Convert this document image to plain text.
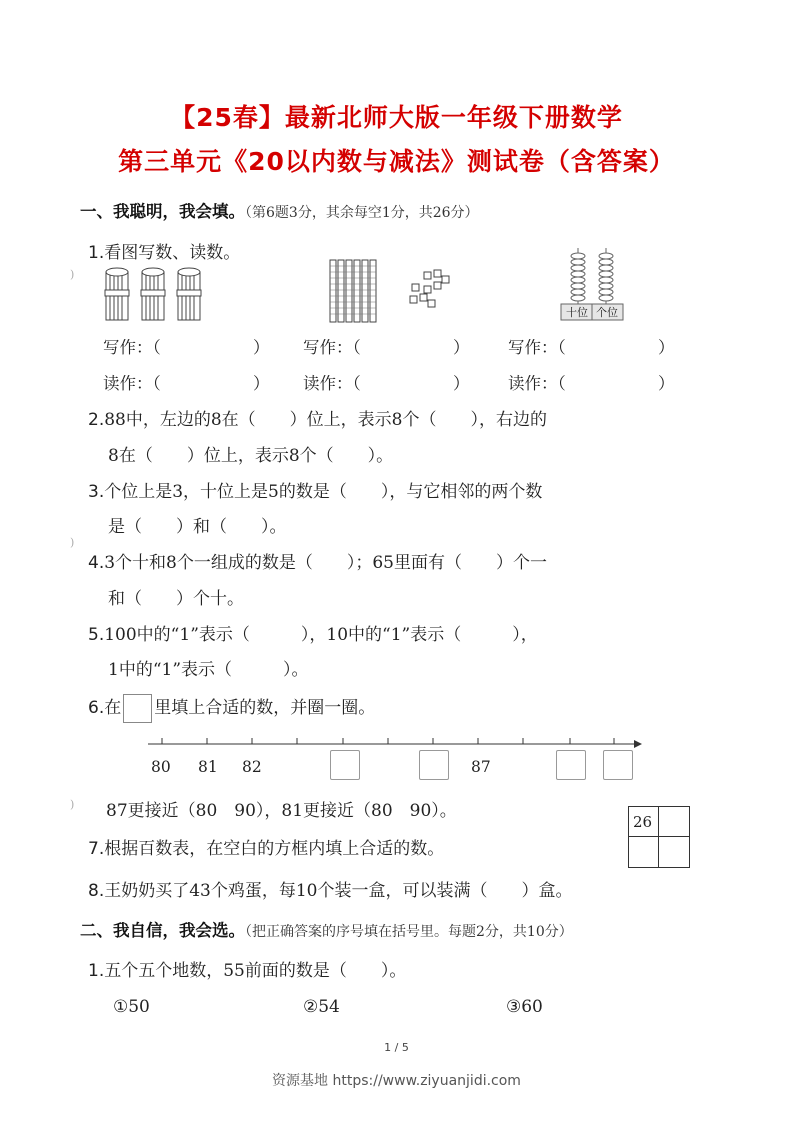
【25春】最新北师大版一年级下册数学
第三单元《20以内数与减法》测试卷（含答案）
一、我聪明，我会填。（第6题3分，其余每空1分，共26分）
1.看图写数、读数。
)
十位 个位
写作：（	） 写作：（	） 写作：（	）
读作：（	） 读作：（	） 读作：（	）
2.88中，左边的8在（　　）位上，表示8个（　　），右边的
8在（　　）位上，表示8个（　　）。
3.个位上是3，十位上是5的数是（　　），与它相邻的两个数
是（　　）和（　　）。
)
4.3个十和8个一组成的数是（　　）；65里面有（　　）个一
和（　　）个十。
5.100中的“1”表示（　　　），10中的“1”表示（　　　），
1中的“1”表示（　　　）。
6.在 里填上合适的数，并圈一圈。
80 81 82	87
) 87更接近（80　90），81更接近（80　90）。
26
7.根据百数表，在空白的方框内填上合适的数。
8.王奶奶买了43个鸡蛋，每10个装一盒，可以装满（　　）盒。
二、我自信，我会选。（把正确答案的序号填在括号里。每题2分，共10分）
1.五个五个地数，55前面的数是（　　）。
①50	②54	③60
1 / 5
资源基地 https://www.ziyuanjidi.com
